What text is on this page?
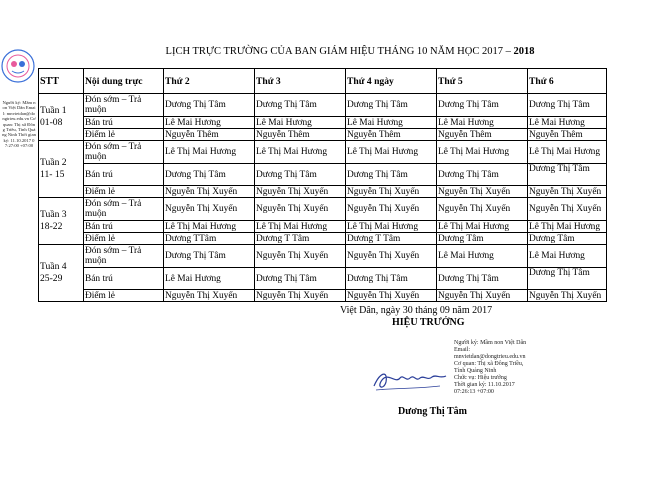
LỊCH TRỰC TRƯỜNG CỦA BAN GIÁM HIỆU THÁNG 10 NĂM HỌC 2017 – 2018
Người ký: Mầm non Việt Dân Email: mnvietdan@dongtrieu.edu.vn Cơ quan: Thị xã Đông Triều, Tỉnh Quảng Ninh Thời gian ký: 11.10.2017 07:27:00 +07:00
STT	Nội dung trực	Thứ 2	Thứ 3	Thứ 4 ngày	Thứ 5	Thứ 6
Tuần 1
01-08	Đón sớm – Trả muộn	Dương Thị Tâm	Dương Thị Tâm	Dương Thị Tâm	Dương Thị Tâm	Dương Thị Tâm
	Bán trú	Lê Mai Hương	Lê Mai Hương	Lê Mai Hương	Lê Mai Hương	Lê Mai Hương
	Điểm lẻ	Nguyễn Thêm	Nguyễn Thêm	Nguyễn Thêm	Nguyễn Thêm	Nguyễn Thêm
Tuần 2
11- 15	Đón sớm – Trả muộn	Lê Thị Mai Hương	Lê Thị Mai Hương	Lê Thị Mai Hương	Lê Thị Mai Hương	Lê Thị Mai Hương
	Bán trú	Dương Thị Tâm	Dương Thị Tâm	Dương Thị Tâm	Dương Thị Tâm	Dương Thị Tâm
	Điểm lẻ	Nguyễn Thị Xuyến	Nguyễn Thị Xuyến	Nguyễn Thị Xuyến	Nguyễn Thị Xuyến	Nguyễn Thị Xuyến
Tuần 3
18-22	Đón sớm – Trả muộn	Nguyễn Thị Xuyến	Nguyễn Thị Xuyến	Nguyễn Thị Xuyến	Nguyễn Thị Xuyến	Nguyễn Thị Xuyến
	Bán trú	Lê Thị Mai Hương	Lê Thị Mai Hương	Lê Thị Mai Hương	Lê Thị Mai Hương	Lê Thị Mai Hương
	Điểm lẻ	Dương TTâm	Dương T Tâm	Dương T Tâm	Dương Tâm	Dương Tâm
Tuần 4
25-29	Đón sớm – Trả muộn	Dương Thị Tâm	Nguyễn Thị Xuyến	Nguyễn Thị Xuyến	Lê Mai Hương	Lê Mai Hương
	Bán trú	Lê Mai Hương	Dương Thị Tâm	Dương Thị Tâm	Dương Thị Tâm	Dương Thị Tâm
	Điểm lẻ	Nguyễn Thị Xuyến	Nguyễn Thị Xuyến	Nguyễn Thị Xuyến	Nguyễn Thị Xuyến	Nguyễn Thị Xuyến
Việt Dân, ngày 30 tháng 09 năm 2017
HIỆU TRƯỞNG
Người ký: Mầm non Việt Dân
Email:
mnvietdan@dongtrieu.edu.vn
Cơ quan: Thị xã Đông Triều,
Tỉnh Quảng Ninh
Chức vụ: Hiệu trưởng
Thời gian ký: 11.10.2017
07:26:13 +07:00
Dương Thị Tâm
